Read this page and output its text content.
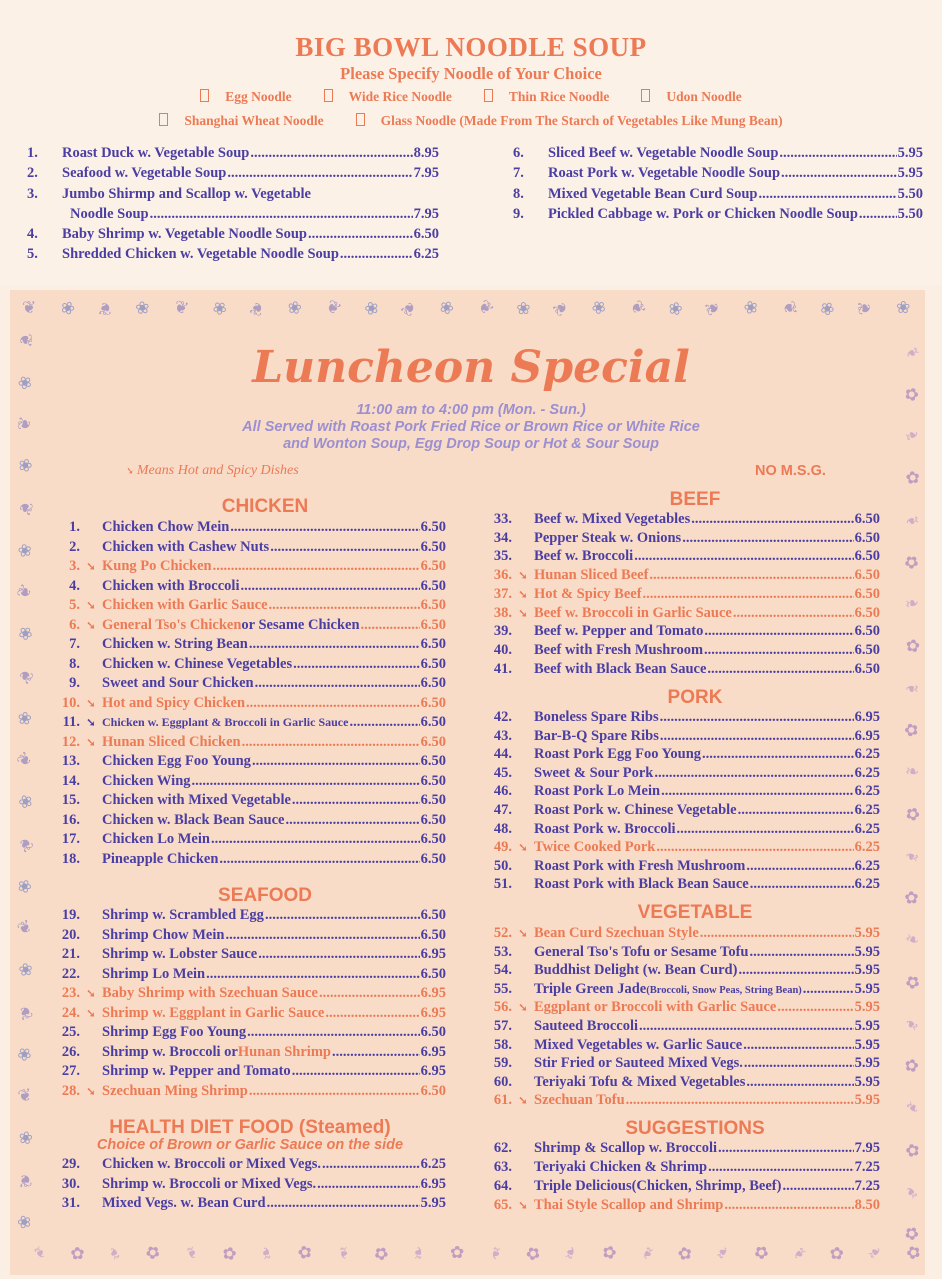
BIG BOWL NOODLE SOUP
Please Specify Noodle of Your Choice
Egg Noodle	Wide Rice Noodle	Thin Rice Noodle	Udon Noodle
Shanghai Wheat Noodle	Glass Noodle (Made From The Starch of Vegetables Like Mung Bean)
1.	Roast Duck w. Vegetable Soup .....	8.95
2.	Seafood w. Vegetable Soup .....	7.95
3.	Jumbo Shirmp and Scallop w. Vegetable
Noodle Soup .....	7.95
4.	Baby Shrimp w. Vegetable Noodle Soup .....	6.50
5.	Shredded Chicken w. Vegetable Noodle Soup .....	6.25
6.	Sliced Beef w. Vegetable Noodle Soup .....	5.95
7.	Roast Pork w. Vegetable Noodle Soup .....	5.95
8.	Mixed Vegetable Bean Curd Soup .....	5.50
9.	Pickled Cabbage w. Pork or Chicken Noodle Soup .....	5.50
❦
❧
❀
✿
❦
❧
❀
✿
❦
❧
❀
✿
❦
❧
❀
✿
❦
❧
❀
✿
❦
❧
❀
✿
❦
❧
❀
✿
❦
❧
❀
✿
❦
❧
❀
✿
❦
❧
❀
✿
❦
❧
❀
✿
❦
❧
❀
✿
❦
❧
❀
✿
❦	❧
❀
✿
❦
❧
❀
✿
❦
❧
❀
✿
❦
❧
❀	✿
❦
❧
❀
✿
❦
❧
❀
✿
❦
❧
❀
✿
❦
❧
❀
✿
❦
❧
❀
✿
❦
❧
❀	✿
Luncheon Special
11:00 am to 4:00 pm (Mon. - Sun.)
All Served with Roast Pork Fried Rice or Brown Rice or White Rice
and Wonton Soup, Egg Drop Soup or Hot & Sour Soup
➘ Means Hot and Spicy Dishes	NO M.S.G.
CHICKEN
SEAFOOD
HEALTH DIET FOOD (Steamed)
Choice of Brown or Garlic Sauce on the side
BEEF
PORK
VEGETABLE
SUGGESTIONS
1. Chicken Chow Mein .....	6.50
2. Chicken with Cashew Nuts .....	6.50
3. ➘ Kung Po Chicken .....	6.50
4. Chicken with Broccoli .....	6.50
5. ➘ Chicken with Garlic Sauce .....	6.50
6. ➘ General Tso's Chicken or Sesame Chicken .....	6.50
7. Chicken w. String Bean .....	6.50
8. Chicken w. Chinese Vegetables .....	6.50
9. Sweet and Sour Chicken .....	6.50
10. ➘ Hot and Spicy Chicken .....	6.50
11. ➘ Chicken w. Eggplant & Broccoli in Garlic Sauce .....	6.50
12. ➘ Hunan Sliced Chicken .....	6.50
13. Chicken Egg Foo Young .....	6.50
14. Chicken Wing .....	6.50
15. Chicken with Mixed Vegetable .....	6.50
16. Chicken w. Black Bean Sauce .....	6.50
17. Chicken Lo Mein .....	6.50
18. Pineapple Chicken .....	6.50
19. Shrimp w. Scrambled Egg .....	6.50
20. Shrimp Chow Mein .....	6.50
21. Shrimp w. Lobster Sauce .....	6.95
22. Shrimp Lo Mein .....	6.50
23. ➘ Baby Shrimp with Szechuan Sauce .....	6.95
24. ➘ Shrimp w. Eggplant in Garlic Sauce .....	6.95
25. Shrimp Egg Foo Young .....	6.50
26. Shrimp w. Broccoli or Hunan Shrimp .....	6.95
27. Shrimp w. Pepper and Tomato .....	6.95
28. ➘ Szechuan Ming Shrimp .....	6.50
29. Chicken w. Broccoli or Mixed Vegs. .....	6.25
30. Shrimp w. Broccoli or Mixed Vegs. .....	6.95
31. Mixed Vegs. w. Bean Curd .....	5.95
33. Beef w. Mixed Vegetables .....	6.50
34. Pepper Steak w. Onions .....	6.50
35. Beef w. Broccoli .....	6.50
36. ➘ Hunan Sliced Beef .....	6.50
37. ➘ Hot & Spicy Beef .....	6.50
38. ➘ Beef w. Broccoli in Garlic Sauce .....	6.50
39. Beef w. Pepper and Tomato .....	6.50
40. Beef with Fresh Mushroom .....	6.50
41. Beef with Black Bean Sauce .....	6.50
42. Boneless Spare Ribs .....	6.95
43. Bar-B-Q Spare Ribs .....	6.95
44. Roast Pork Egg Foo Young .....	6.25
45. Sweet & Sour Pork .....	6.25
46. Roast Pork Lo Mein .....	6.25
47. Roast Pork w. Chinese Vegetable .....	6.25
48. Roast Pork w. Broccoli .....	6.25
49. ➘ Twice Cooked Pork .....	6.25
50. Roast Pork with Fresh Mushroom .....	6.25
51. Roast Pork with Black Bean Sauce .....	6.25
52. ➘ Bean Curd Szechuan Style .....	5.95
53. General Tso's Tofu or Sesame Tofu .....	5.95
54. Buddhist Delight (w. Bean Curd) .....	5.95
55. Triple Green Jade (Broccoli, Snow Peas, String Bean) .....	5.95
56. ➘ Eggplant or Broccoli with Garlic Sauce .....	5.95
57. Sauteed Broccoli .....	5.95
58. Mixed Vegetables w. Garlic Sauce .....	5.95
59. Stir Fried or Sauteed Mixed Vegs. .....	5.95
60. Teriyaki Tofu & Mixed Vegetables .....	5.95
61. ➘ Szechuan Tofu .....	5.95
62. Shrimp & Scallop w. Broccoli .....	7.95
63. Teriyaki Chicken & Shrimp .....	7.25
64. Triple Delicious(Chicken, Shrimp, Beef) .....	7.25
65. ➘ Thai Style Scallop and Shrimp .....	8.50
